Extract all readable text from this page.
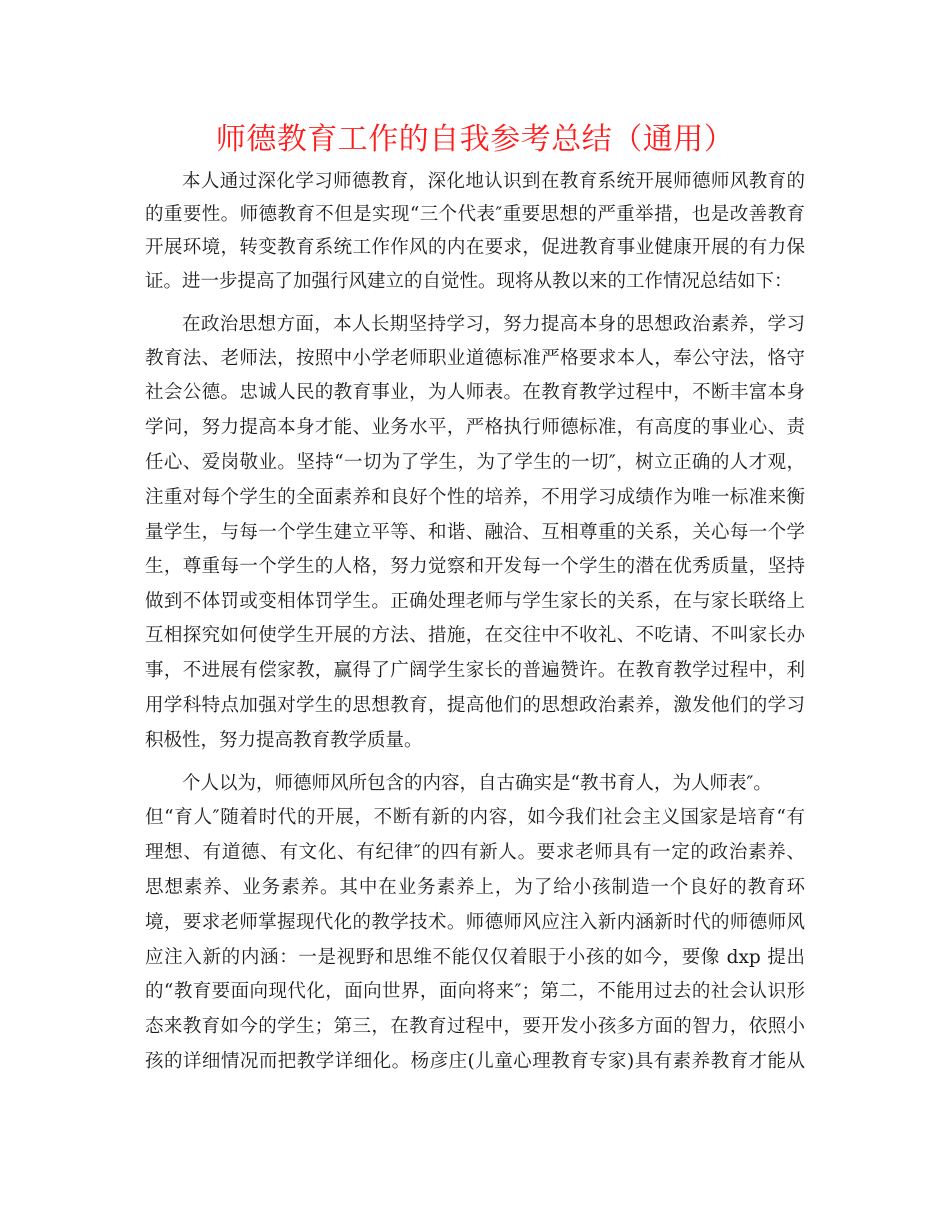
师德教育工作的自我参考总结（通用）
本人通过深化学习师德教育，深化地认识到在教育系统开展师德师风教育的
的重要性。师德教育不但是实现“三个代表″重要思想的严重举措，也是改善教育
开展环境，转变教育系统工作作风的内在要求，促进教育事业健康开展的有力保
证。进一步提高了加强行风建立的自觉性。现将从教以来的工作情况总结如下：
在政治思想方面，本人长期坚持学习，努力提高本身的思想政治素养，学习
教育法、老师法，按照中小学老师职业道德标准严格要求本人，奉公守法，恪守
社会公德。忠诚人民的教育事业，为人师表。在教育教学过程中，不断丰富本身
学问，努力提高本身才能、业务水平，严格执行师德标准，有高度的事业心、责
任心、爱岗敬业。坚持“一切为了学生，为了学生的一切″，树立正确的人才观，
注重对每个学生的全面素养和良好个性的培养，不用学习成绩作为唯一标准来衡
量学生，与每一个学生建立平等、和谐、融洽、互相尊重的关系，关心每一个学
生，尊重每一个学生的人格，努力觉察和开发每一个学生的潜在优秀质量，坚持
做到不体罚或变相体罚学生。正确处理老师与学生家长的关系，在与家长联络上
互相探究如何使学生开展的方法、措施，在交往中不收礼、不吃请、不叫家长办
事，不进展有偿家教，赢得了广阔学生家长的普遍赞许。在教育教学过程中，利
用学科特点加强对学生的思想教育，提高他们的思想政治素养，激发他们的学习
积极性，努力提高教育教学质量。
个人以为，师德师风所包含的内容，自古确实是“教书育人，为人师表″。
但“育人″随着时代的开展，不断有新的内容，如今我们社会主义国家是培育“有
理想、有道德、有文化、有纪律″的四有新人。要求老师具有一定的政治素养、
思想素养、业务素养。其中在业务素养上，为了给小孩制造一个良好的教育环
境，要求老师掌握现代化的教学技术。师德师风应注入新内涵新时代的师德师风
应注入新的内涵：一是视野和思维不能仅仅着眼于小孩的如今，要像 dxp 提出
的“教育要面向现代化，面向世界，面向将来″；第二，不能用过去的社会认识形
态来教育如今的学生；第三，在教育过程中，要开发小孩多方面的智力，依照小
孩的详细情况而把教学详细化。杨彦庄(儿童心理教育专家)具有素养教育才能从
